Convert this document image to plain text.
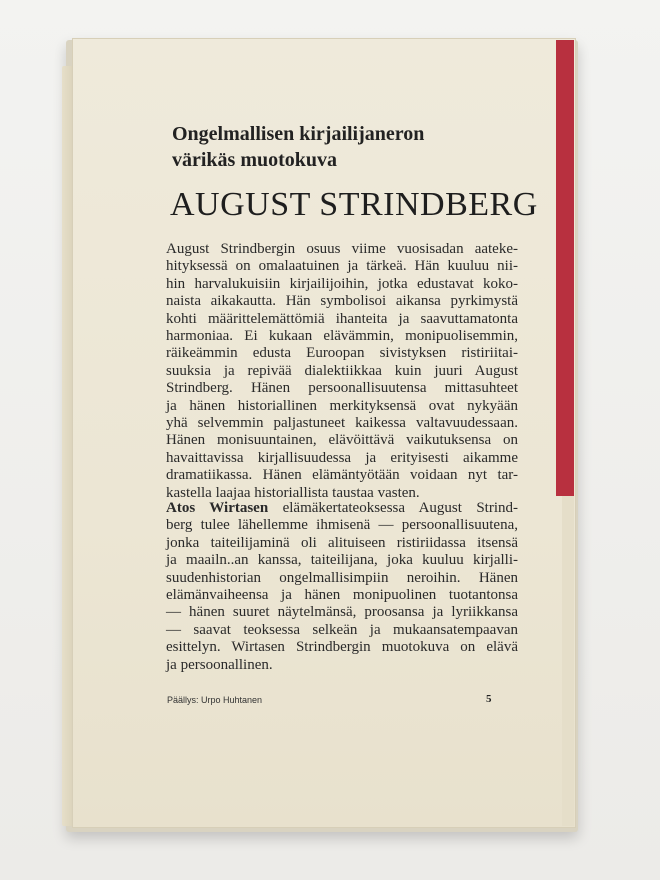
Ongelmallisen kirjailijaneron
värikäs muotokuva
AUGUST STRINDBERG
August Strindbergin osuus viime vuosisadan aateke-
hityksessä on omalaatuinen ja tärkeä. Hän kuuluu nii-
hin harvalukuisiin kirjailijoihin, jotka edustavat koko-
naista aikakautta. Hän symbolisoi aikansa pyrkimystä
kohti määrittelemättömiä ihanteita ja saavuttamatonta
harmoniaa. Ei kukaan elävämmin, monipuolisemmin,
räikeämmin edusta Euroopan sivistyksen ristiriitai-
suuksia ja repivää dialektiikkaa kuin juuri August
Strindberg. Hänen persoonallisuutensa mittasuhteet
ja hänen historiallinen merkityksensä ovat nykyään
yhä selvemmin paljastuneet kaikessa valtavuudessaan.
Hänen monisuuntainen, elävöittävä vaikutuksensa on
havaittavissa kirjallisuudessa ja erityisesti aikamme
dramatiikassa. Hänen elämäntyötään voidaan nyt tar-
kastella laajaa historiallista taustaa vasten.
Atos Wirtasen elämäkertateoksessa August Strind-
berg tulee lähellemme ihmisenä — persoonallisuutena,
jonka taiteilijaminä oli alituiseen ristiriidassa itsensä
ja maailn..an kanssa, taiteilijana, joka kuuluu kirjalli-
suudenhistorian ongelmallisimpiin neroihin. Hänen
elämänvaiheensa ja hänen monipuolinen tuotantonsa
— hänen suuret näytelmänsä, proosansa ja lyriikkansa
— saavat teoksessa selkeän ja mukaansatempaavan
esittelyn. Wirtasen Strindbergin muotokuva on elävä
ja persoonallinen.
Päällys: Urpo Huhtanen	5
